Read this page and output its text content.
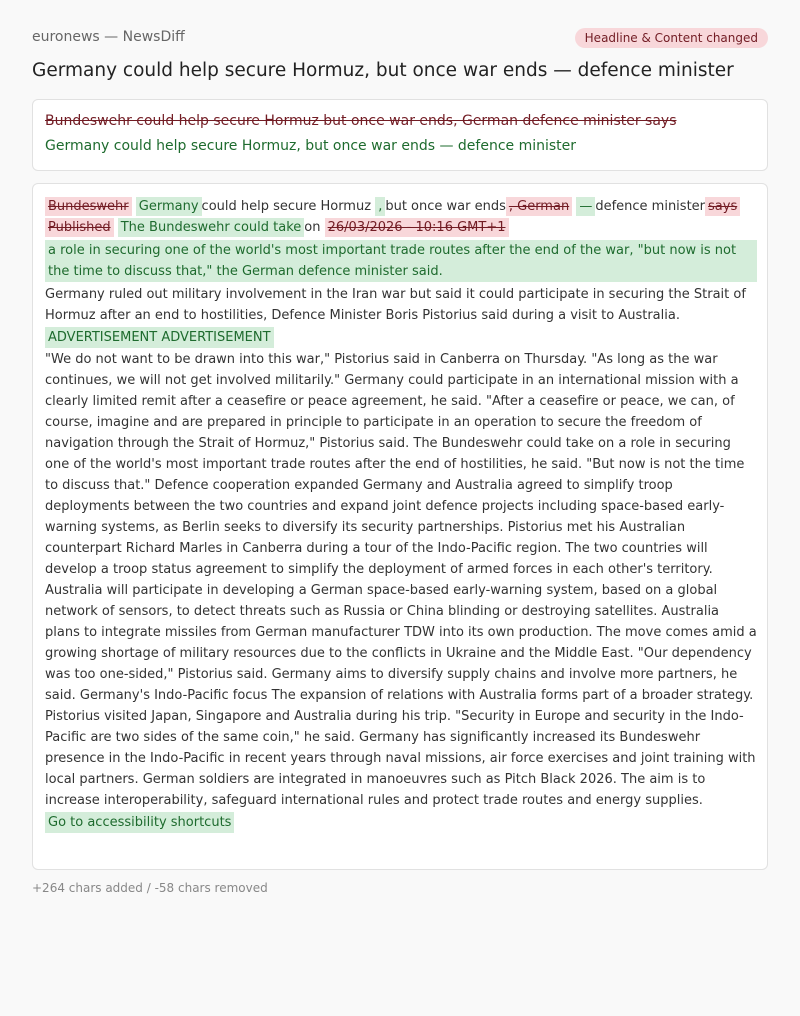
euronews — NewsDiff	Headline & Content changed
Germany could help secure Hormuz, but once war ends — defence minister
Bundeswehr could help secure Hormuz but once war ends, German defence minister says
Germany could help secure Hormuz, but once war ends — defence minister
Bundeswehr Germany could help secure Hormuz , but once war ends , German — defence minister says Published The Bundeswehr could take on 26/03/2026 - 10:16 GMT+1
a role in securing one of the world's most important trade routes after the end of the war, "but now is not the time to discuss that," the German defence minister said.
Germany ruled out military involvement in the Iran war but said it could participate in securing the Strait of Hormuz after an end to hostilities, Defence Minister Boris Pistorius said during a visit to Australia.
ADVERTISEMENT ADVERTISEMENT
"We do not want to be drawn into this war," Pistorius said in Canberra on Thursday. "As long as the war continues, we will not get involved militarily." Germany could participate in an international mission with a clearly limited remit after a ceasefire or peace agreement, he said. "After a ceasefire or peace, we can, of course, imagine and are prepared in principle to participate in an operation to secure the freedom of navigation through the Strait of Hormuz," Pistorius said. The Bundeswehr could take on a role in securing one of the world's most important trade routes after the end of hostilities, he said. "But now is not the time to discuss that." Defence cooperation expanded Germany and Australia agreed to simplify troop deployments between the two countries and expand joint defence projects including space-based early-warning systems, as Berlin seeks to diversify its security partnerships. Pistorius met his Australian counterpart Richard Marles in Canberra during a tour of the Indo-Pacific region. The two countries will develop a troop status agreement to simplify the deployment of armed forces in each other's territory. Australia will participate in developing a German space-based early-warning system, based on a global network of sensors, to detect threats such as Russia or China blinding or destroying satellites. Australia plans to integrate missiles from German manufacturer TDW into its own production. The move comes amid a growing shortage of military resources due to the conflicts in Ukraine and the Middle East. "Our dependency was too one-sided," Pistorius said. Germany aims to diversify supply chains and involve more partners, he said. Germany's Indo-Pacific focus The expansion of relations with Australia forms part of a broader strategy. Pistorius visited Japan, Singapore and Australia during his trip. "Security in Europe and security in the Indo-Pacific are two sides of the same coin," he said. Germany has significantly increased its Bundeswehr presence in the Indo-Pacific in recent years through naval missions, air force exercises and joint training with local partners. German soldiers are integrated in manoeuvres such as Pitch Black 2026. The aim is to increase interoperability, safeguard international rules and protect trade routes and energy supplies.
Go to accessibility shortcuts
+264 chars added / -58 chars removed
